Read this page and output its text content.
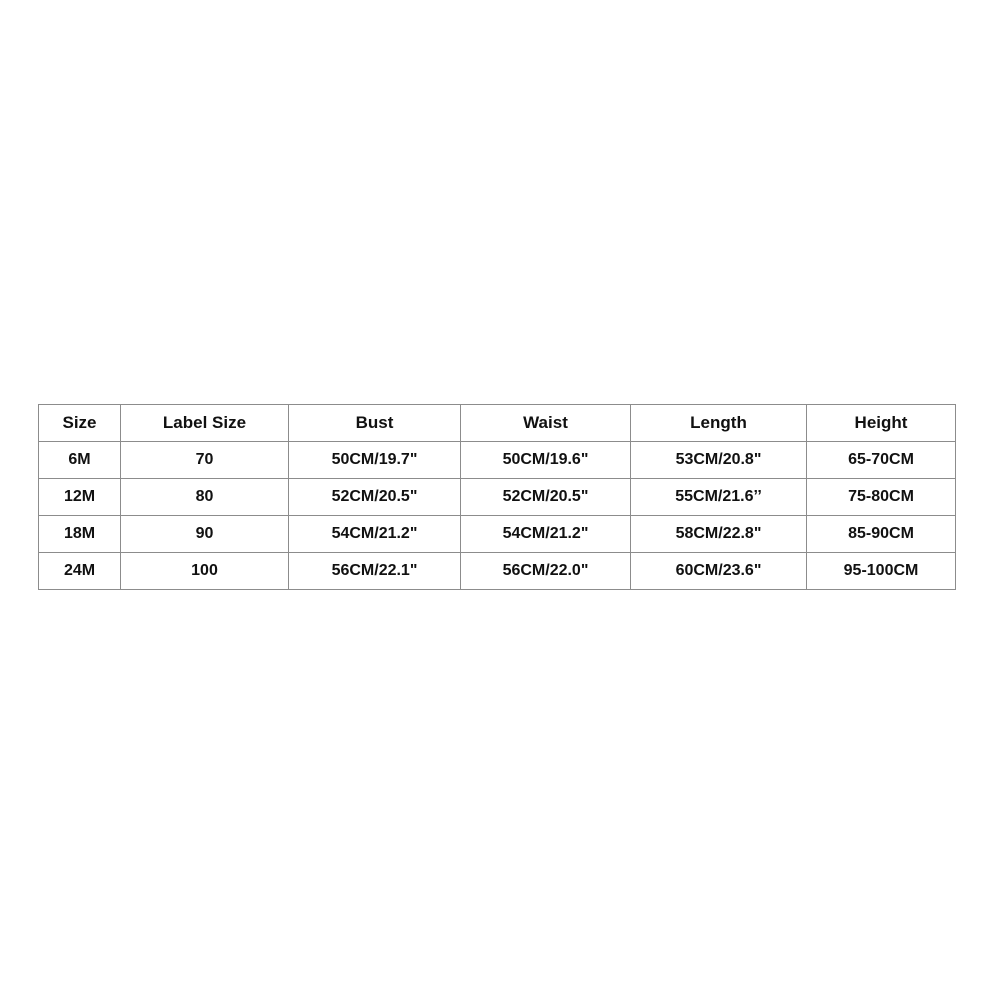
Size	Label Size	Bust	Waist	Length	Height
6M	70	50CM/19.7"	50CM/19.6"	53CM/20.8"	65-70CM
12M	80	52CM/20.5"	52CM/20.5"	55CM/21.6’’	75-80CM
18M	90	54CM/21.2"	54CM/21.2"	58CM/22.8"	85-90CM
24M	100	56CM/22.1"	56CM/22.0"	60CM/23.6"	95-100CM
